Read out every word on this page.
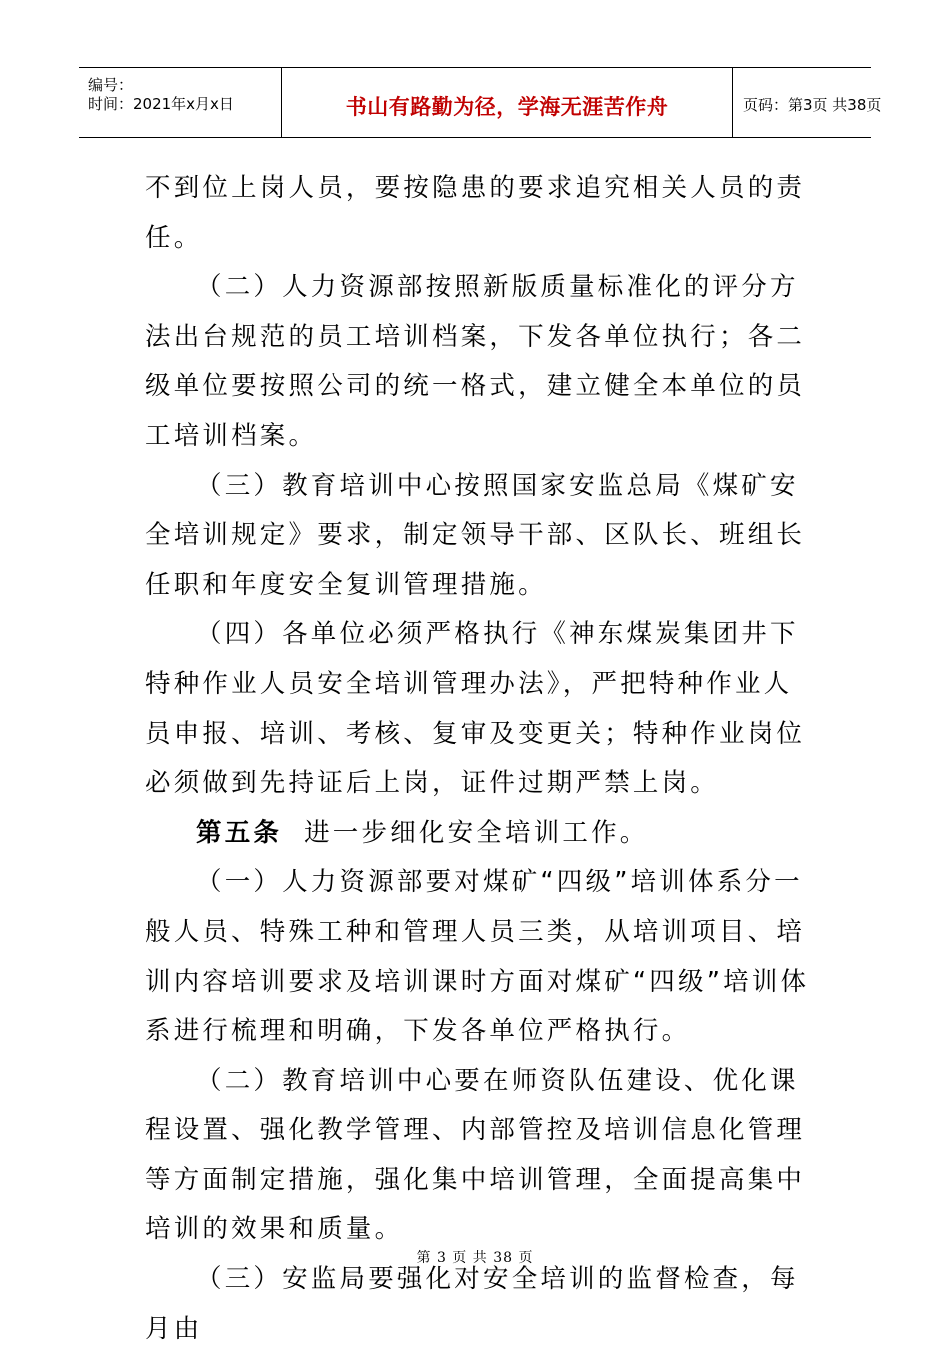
编号：
时间：2021年x月x日	书山有路勤为径，学海无涯苦作舟	页码：第3页 共38页

不到位上岗人员，要按隐患的要求追究相关人员的责任。

（二）人力资源部按照新版质量标准化的评分方法出台规范的员工培训档案，下发各单位执行；各二级单位要按照公司的统一格式，建立健全本单位的员工培训档案。

（三）教育培训中心按照国家安监总局《煤矿安全培训规定》要求，制定领导干部、区队长、班组长任职和年度安全复训管理措施。

（四）各单位必须严格执行《神东煤炭集团井下特种作业人员安全培训管理办法》，严把特种作业人员申报、培训、考核、复审及变更关；特种作业岗位必须做到先持证后上岗，证件过期严禁上岗。

第五条 进一步细化安全培训工作。

（一）人力资源部要对煤矿“四级”培训体系分一般人员、特殊工种和管理人员三类，从培训项目、培训内容培训要求及培训课时方面对煤矿“四级”培训体系进行梳理和明确，下发各单位严格执行。

（二）教育培训中心要在师资队伍建设、优化课程设置、强化教学管理、内部管控及培训信息化管理等方面制定措施，强化集中培训管理，全面提高集中培训的效果和质量。

（三）安监局要强化对安全培训的监督检查，每月由

第 3 页 共 38 页
